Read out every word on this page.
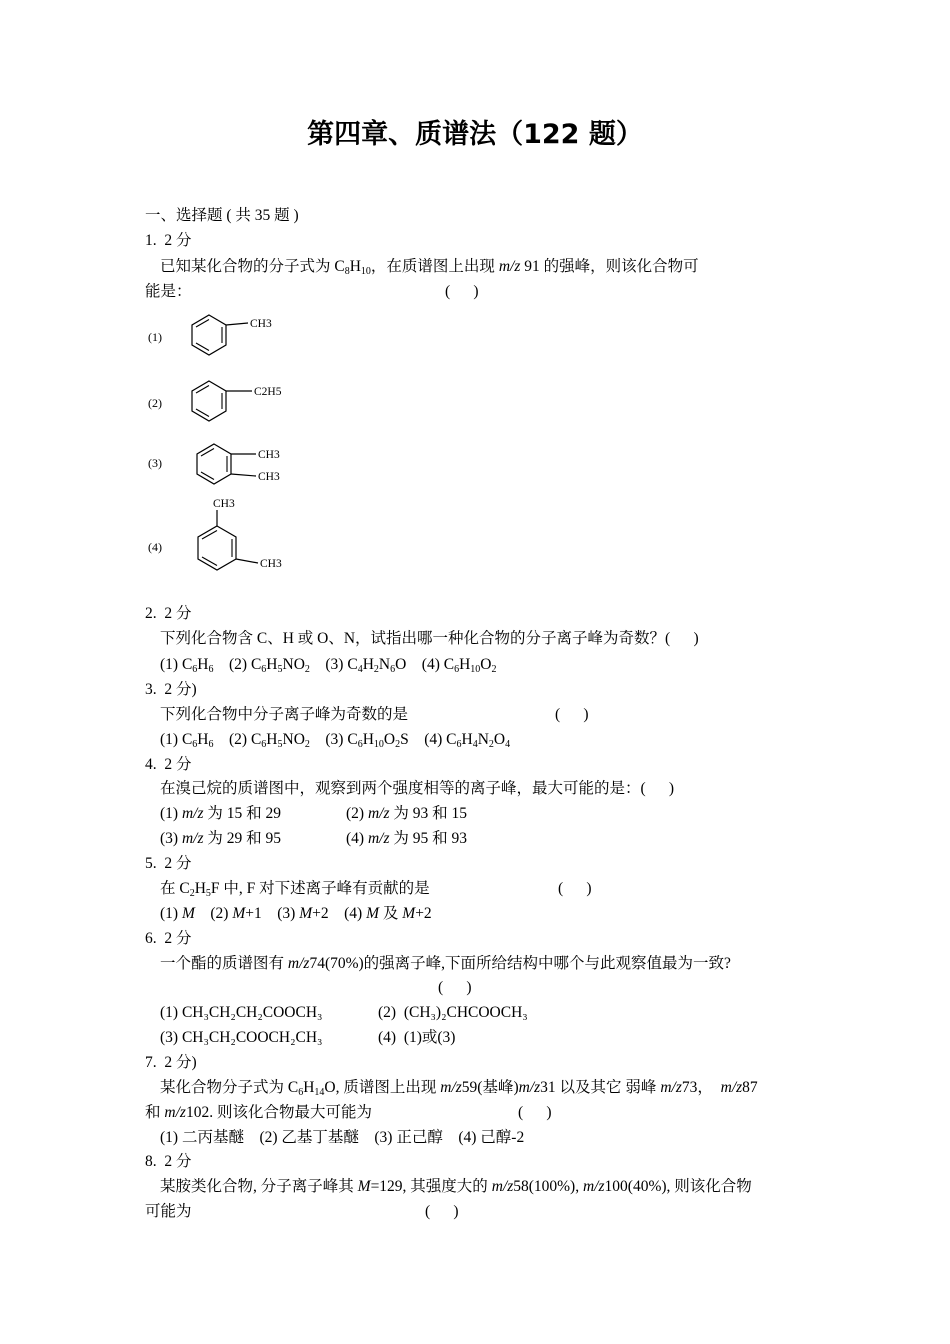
第四章、质谱法（122 题）
一、选择题 ( 共 35 题 )
1.  2 分
已知某化合物的分子式为 $C_8H_{10}$，在质谱图上出现 m/z 91 的强峰，则该化合物可
能是：	(      )
(1)
(2)
(3)
(4)
CH3
C2H5
CH3
CH3
CH3
CH3
2.  2 分
下列化合物含 C、H 或 O、N，试指出哪一种化合物的分子离子峰为奇数？(      )
(1) $C_6H_6$ (2) $C_6H_5NO_2$ (3) $C_4H_2N_6O$ (4) $C_6H_{10}O_2$
3.  2 分)
下列化合物中分子离子峰为奇数的是	(      )
(1) $C_6H_6$ (2) $C_6H_5NO_2$ (3) $C_6H_{10}O_2S$ (4) $C_6H_4N_2O_4$
4.  2 分
在溴己烷的质谱图中，观察到两个强度相等的离子峰，最大可能的是：(      )
(1) m/z 为 15 和 29	(2) m/z 为 93 和 15
(3) m/z 为 29 和 95	(4) m/z 为 95 和 93
5.  2 分
在 $C_2H_5F$ 中, F 对下述离子峰有贡献的是	(      )
(1) M    (2) M+1    (3) M+2    (4) M 及 M+2
6.  2 分
一个酯的质谱图有 m/z74(70%)的强离子峰,下面所给结构中哪个与此观察值最为一致?
(      )
(1) CH₃CH₂CH₂COOCH₃	(2)  (CH₃)₂CHCOOCH₃
(3) CH₃CH₂COOCH₂CH₃	(4)  (1)或(3)
7.  2 分)
某化合物分子式为 $C_6H_{14}O$, 质谱图上出现 m/z59(基峰)m/z31 以及其它 弱峰 m/z73，  m/z87
和 m/z102. 则该化合物最大可能为	(      )
(1) 二丙基醚    (2) 乙基丁基醚    (3) 正己醇    (4) 己醇-2
8.  2 分
某胺类化合物, 分子离子峰其 M=129, 其强度大的 m/z58(100%), m/z100(40%), 则该化合物
可能为	(      )
